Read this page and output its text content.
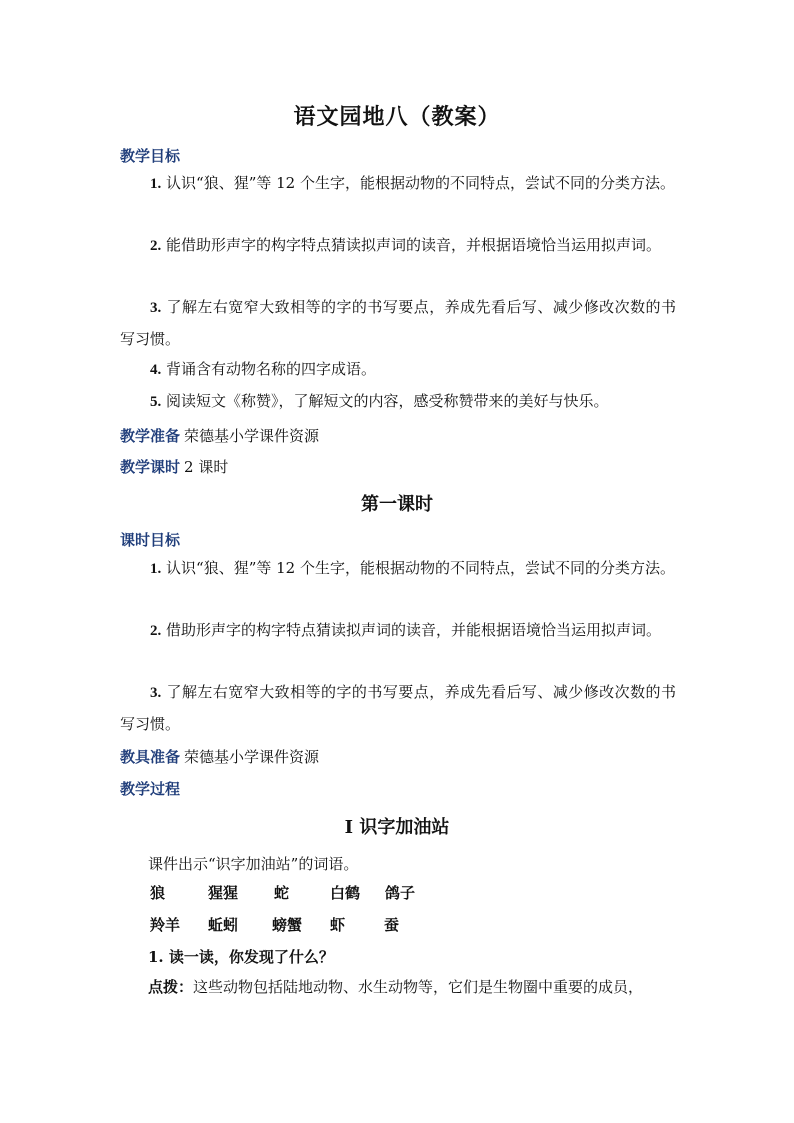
语文园地八（教案）
教学目标
1. 认识“狼、猩”等 12 个生字，能根据动物的不同特点，尝试不同的分类方法。
2. 能借助形声字的构字特点猜读拟声词的读音，并根据语境恰当运用拟声词。
3. 了解左右宽窄大致相等的字的书写要点，养成先看后写、减少修改次数的书写习惯。
4. 背诵含有动物名称的四字成语。
5. 阅读短文《称赞》，了解短文的内容，感受称赞带来的美好与快乐。
教学准备 荣德基小学课件资源
教学课时 2 课时
第一课时
课时目标
1. 认识“狼、猩”等 12 个生字，能根据动物的不同特点，尝试不同的分类方法。
2. 借助形声字的构字特点猜读拟声词的读音，并能根据语境恰当运用拟声词。
3. 了解左右宽窄大致相等的字的书写要点，养成先看后写、减少修改次数的书写习惯。
教具准备 荣德基小学课件资源
教学过程
Ⅰ 识字加油站
课件出示“识字加油站”的词语。
狼	猩猩 蛇	白鹤 鸽子
羚羊 蚯蚓 螃蟹 虾	蚕
1. 读一读，你发现了什么？
点拨：这些动物包括陆地动物、水生动物等，它们是生物圈中重要的成员，
